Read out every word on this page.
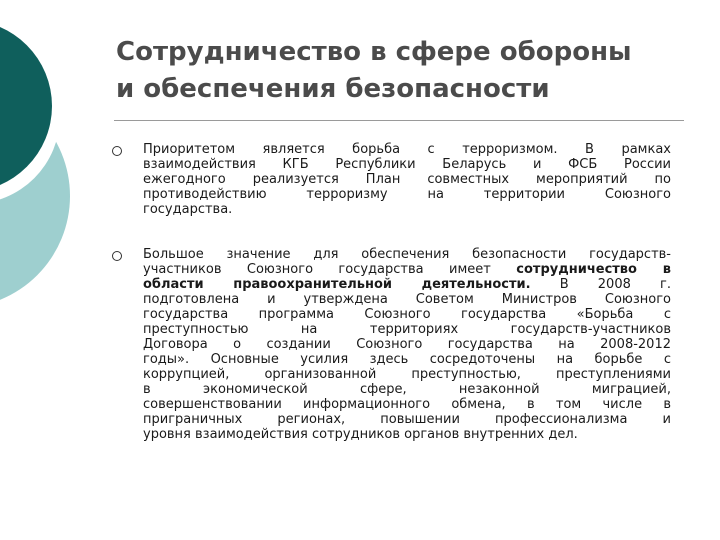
Сотрудничество в сфере обороны
и обеспечения безопасности
Приоритетом является борьба с терроризмом. В рамках
взаимодействия КГБ Республики Беларусь и ФСБ России
ежегодного реализуется План совместных мероприятий по
противодействию терроризму на территории Союзного
государства.
Большое значение для обеспечения безопасности государств-
участников Союзного государства имеет сотрудничество в
области правоохранительной деятельности. В 2008 г.
подготовлена и утверждена Советом Министров Союзного
государства программа Союзного государства «Борьба с
преступностью на территориях государств-участников
Договора о создании Союзного государства на 2008-2012
годы». Основные усилия здесь сосредоточены на борьбе с
коррупцией, организованной преступностью, преступлениями
в экономической сфере, незаконной миграцией,
совершенствовании информационного обмена, в том числе в
приграничных регионах, повышении профессионализма и
уровня взаимодействия сотрудников органов внутренних дел.
